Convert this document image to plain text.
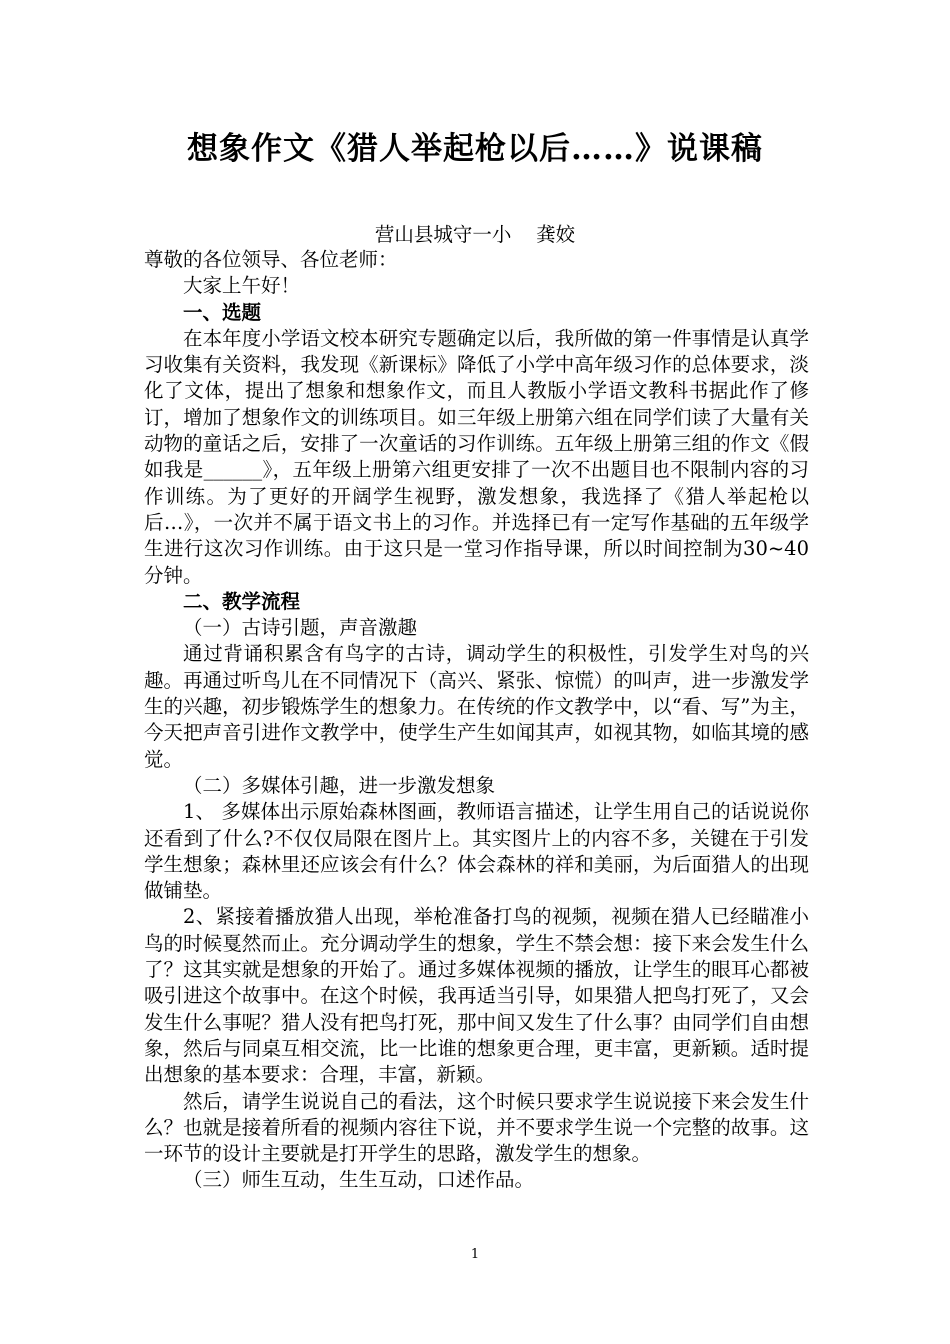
想象作文《猎人举起枪以后……》说课稿
营山县城守一小    龚姣

尊敬的各位领导、各位老师：

大家上午好！

一、选题

在本年度小学语文校本研究专题确定以后，我所做的第一件事情是认真学习收集有关资料，我发现《新课标》降低了小学中高年级习作的总体要求，淡化了文体，提出了想象和想象作文，而且人教版小学语文教科书据此作了修订，增加了想象作文的训练项目。如三年级上册第六组在同学们读了大量有关动物的童话之后，安排了一次童话的习作训练。五年级上册第三组的作文《假如我是______》，五年级上册第六组更安排了一次不出题目也不限制内容的习作训练。为了更好的开阔学生视野，激发想象，我选择了《猎人举起枪以后…》，一次并不属于语文书上的习作。并选择已有一定写作基础的五年级学生进行这次习作训练。由于这只是一堂习作指导课，所以时间控制为30~40分钟。

二、教学流程

（一）古诗引题，声音激趣

通过背诵积累含有鸟字的古诗，调动学生的积极性，引发学生对鸟的兴趣。再通过听鸟儿在不同情况下（高兴、紧张、惊慌）的叫声，进一步激发学生的兴趣，初步锻炼学生的想象力。在传统的作文教学中，以“看、写”为主，今天把声音引进作文教学中，使学生产生如闻其声，如视其物，如临其境的感觉。

（二）多媒体引趣，进一步激发想象

1、 多媒体出示原始森林图画，教师语言描述，让学生用自己的话说说你还看到了什么?不仅仅局限在图片上。其实图片上的内容不多，关键在于引发学生想象；森林里还应该会有什么？体会森林的祥和美丽，为后面猎人的出现做铺垫。

2、紧接着播放猎人出现，举枪准备打鸟的视频，视频在猎人已经瞄准小鸟的时候戛然而止。充分调动学生的想象，学生不禁会想：接下来会发生什么了？这其实就是想象的开始了。通过多媒体视频的播放，让学生的眼耳心都被吸引进这个故事中。在这个时候，我再适当引导，如果猎人把鸟打死了，又会发生什么事呢？猎人没有把鸟打死，那中间又发生了什么事？由同学们自由想象，然后与同桌互相交流，比一比谁的想象更合理，更丰富，更新颖。适时提出想象的基本要求：合理，丰富，新颖。

然后，请学生说说自己的看法，这个时候只要求学生说说接下来会发生什么？也就是接着所看的视频内容往下说，并不要求学生说一个完整的故事。这一环节的设计主要就是打开学生的思路，激发学生的想象。

（三）师生互动，生生互动，口述作品。

1
